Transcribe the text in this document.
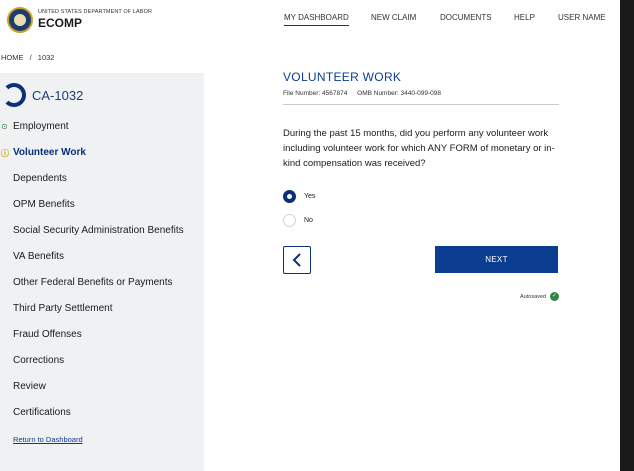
UNITED STATES DEPARTMENT OF LABOR
ECOMP	MY DASHBOARD	NEW CLAIM	DOCUMENTS	HELP	USER NAME
HOME / 1032
CA-1032
⊙ Employment
ⓘ Volunteer Work
Dependents
OPM Benefits
Social Security Administration Benefits
VA Benefits
Other Federal Benefits or Payments
Third Party Settlement
Fraud Offenses
Corrections
Review
Certifications
Return to Dashboard
VOLUNTEER WORK
File Number: 4567874 OMB Number: 3440-099-098
During the past 15 months, did you perform any volunteer work including volunteer work for which ANY FORM of monetary or in-kind compensation was received?
Yes
No
NEXT
Autosaved ✓
